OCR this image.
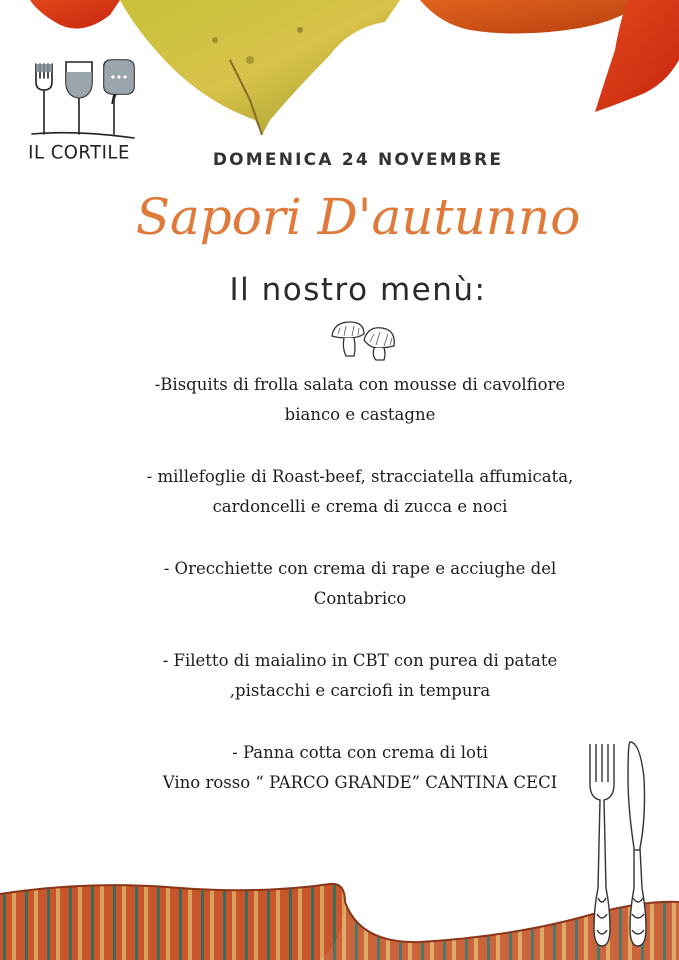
IL CORTILE	DOMENICA 24 NOVEMBRE
Sapori D'autunno
Il nostro menù:
-Bisquits di frolla salata con mousse di cavolfiore
bianco e castagne
- millefoglie di Roast-beef, stracciatella affumicata,
cardoncelli e crema di zucca e noci
- Orecchiette con crema di rape e acciughe del
Contabrico
- Filetto di maialino in CBT con purea di patate
,pistacchi e carciofi in tempura
- Panna cotta con crema di loti
Vino rosso “ PARCO GRANDE” CANTINA CECI
